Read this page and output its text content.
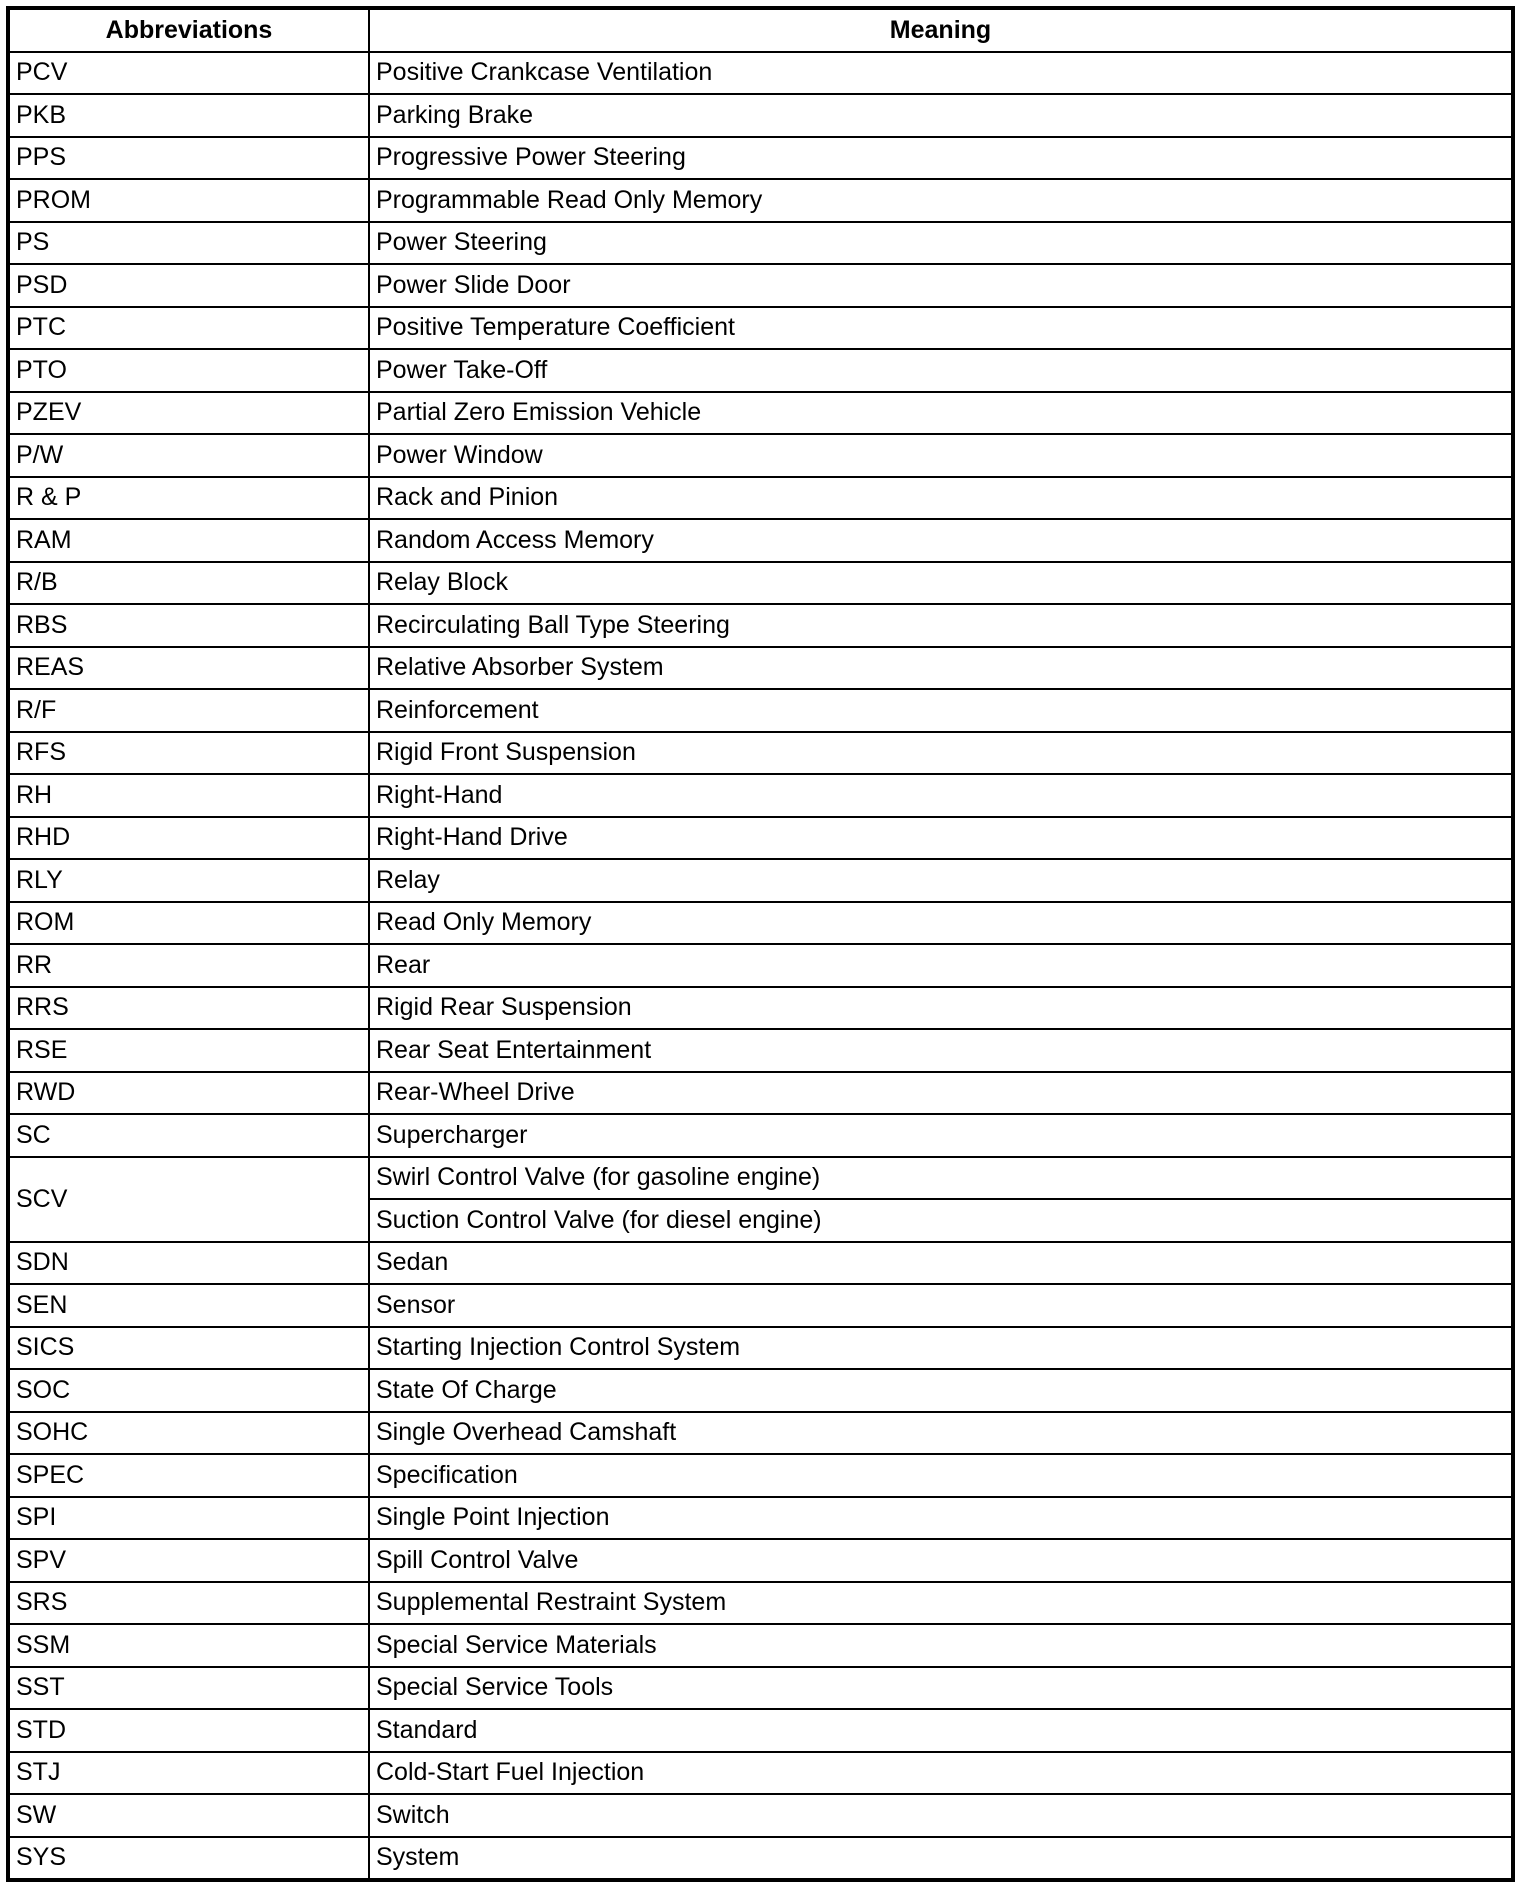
Abbreviations	Meaning
PCV	Positive Crankcase Ventilation
PKB	Parking Brake
PPS	Progressive Power Steering
PROM	Programmable Read Only Memory
PS	Power Steering
PSD	Power Slide Door
PTC	Positive Temperature Coefficient
PTO	Power Take-Off
PZEV	Partial Zero Emission Vehicle
P/W	Power Window
R & P	Rack and Pinion
RAM	Random Access Memory
R/B	Relay Block
RBS	Recirculating Ball Type Steering
REAS	Relative Absorber System
R/F	Reinforcement
RFS	Rigid Front Suspension
RH	Right-Hand
RHD	Right-Hand Drive
RLY	Relay
ROM	Read Only Memory
RR	Rear
RRS	Rigid Rear Suspension
RSE	Rear Seat Entertainment
RWD	Rear-Wheel Drive
SC	Supercharger
SCV	Swirl Control Valve (for gasoline engine)
	Suction Control Valve (for diesel engine)
SDN	Sedan
SEN	Sensor
SICS	Starting Injection Control System
SOC	State Of Charge
SOHC	Single Overhead Camshaft
SPEC	Specification
SPI	Single Point Injection
SPV	Spill Control Valve
SRS	Supplemental Restraint System
SSM	Special Service Materials
SST	Special Service Tools
STD	Standard
STJ	Cold-Start Fuel Injection
SW	Switch
SYS	System
